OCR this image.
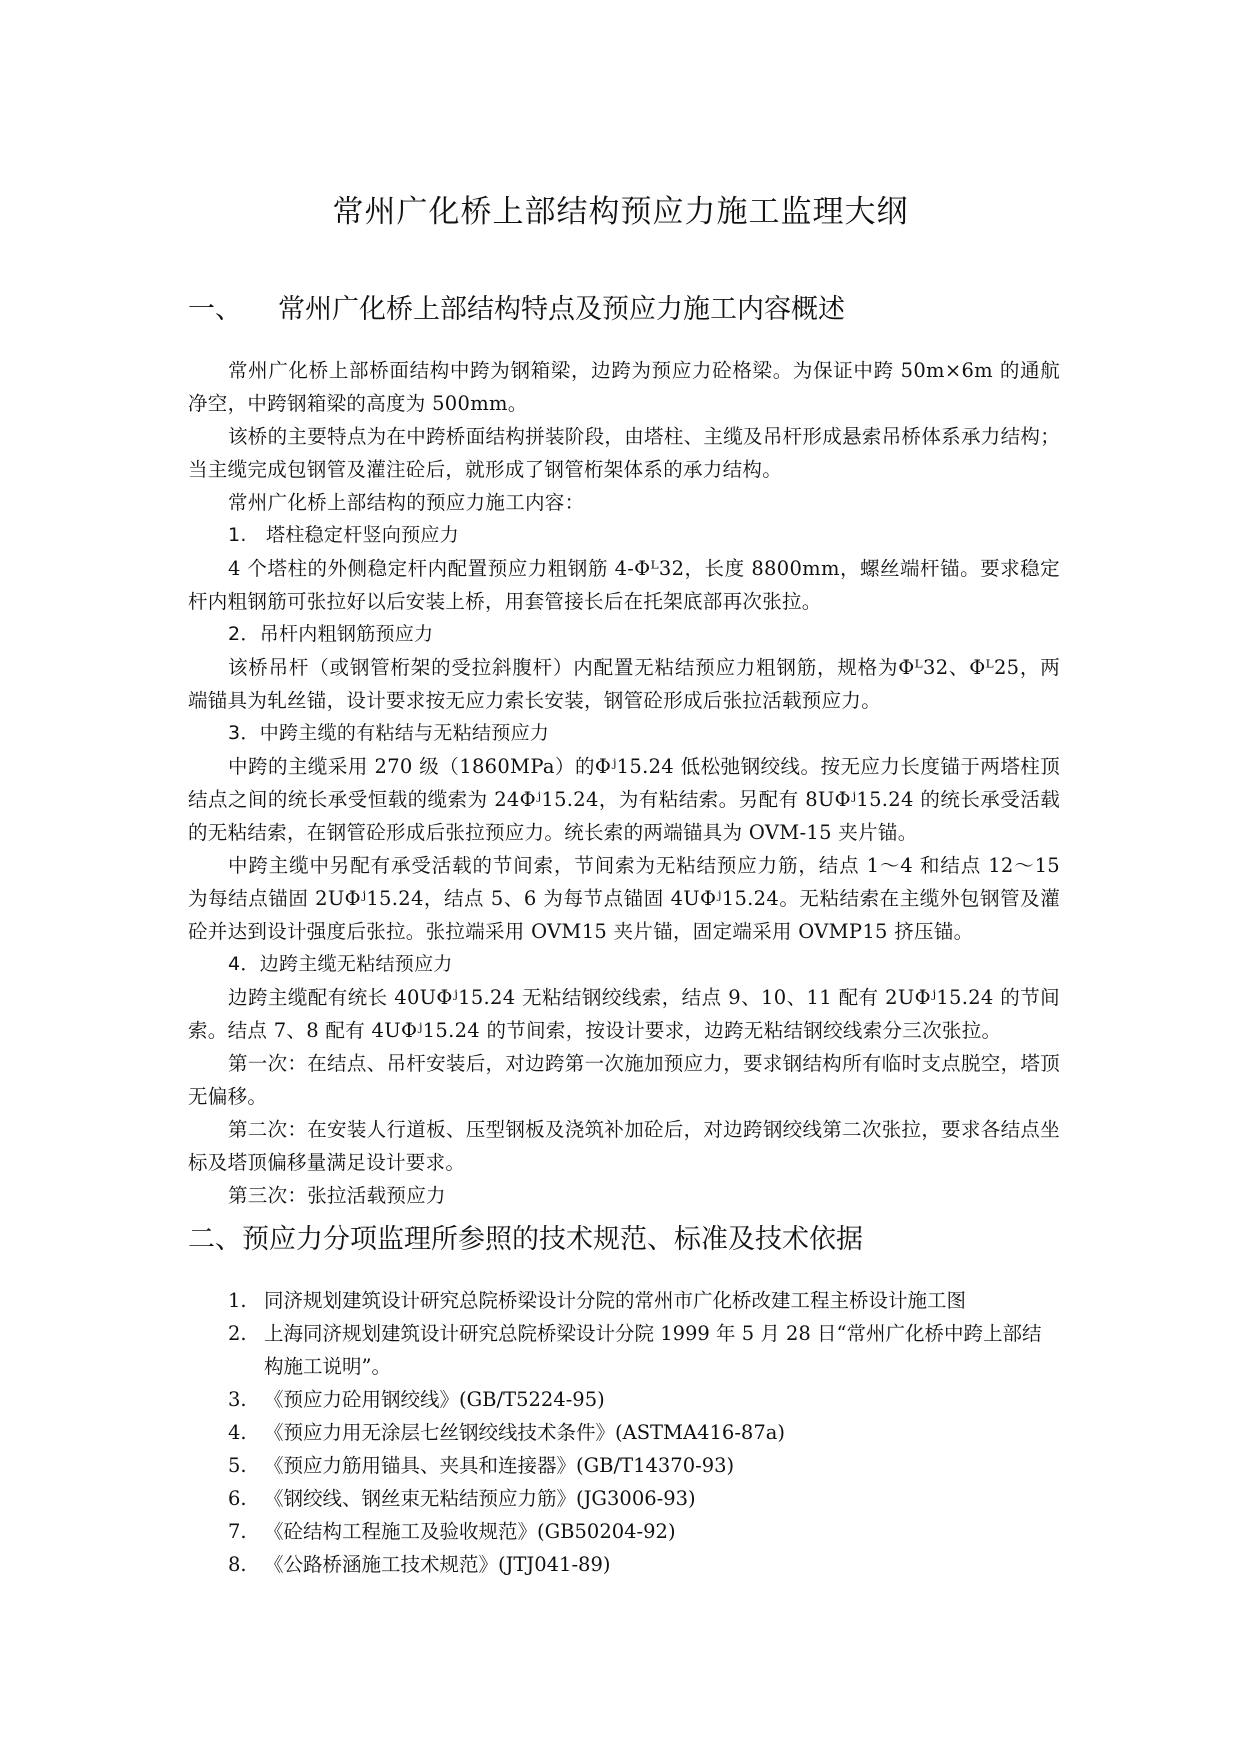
常州广化桥上部结构预应力施工监理大纲
一、 常州广化桥上部结构特点及预应力施工内容概述

常州广化桥上部桥面结构中跨为钢箱梁，边跨为预应力砼格梁。为保证中跨 50m×6m 的通航净空，中跨钢箱梁的高度为 500mm。

该桥的主要特点为在中跨桥面结构拼装阶段，由塔柱、主缆及吊杆形成悬索吊桥体系承力结构；当主缆完成包钢管及灌注砼后，就形成了钢管桁架体系的承力结构。

常州广化桥上部结构的预应力施工内容：

1.　塔柱稳定杆竖向预应力

4 个塔柱的外侧稳定杆内配置预应力粗钢筋 4-Φᴸ32，长度 8800mm，螺丝端杆锚。要求稳定杆内粗钢筋可张拉好以后安装上桥，用套管接长后在托架底部再次张拉。

2．吊杆内粗钢筋预应力

该桥吊杆（或钢管桁架的受拉斜腹杆）内配置无粘结预应力粗钢筋，规格为Φᴸ32、Φᴸ25，两端锚具为轧丝锚，设计要求按无应力索长安装，钢管砼形成后张拉活载预应力。

3．中跨主缆的有粘结与无粘结预应力

中跨的主缆采用 270 级（1860MPa）的Φʲ15.24 低松弛钢绞线。按无应力长度锚于两塔柱顶结点之间的统长承受恒载的缆索为 24Φʲ15.24，为有粘结索。另配有 8UΦʲ15.24 的统长承受活载的无粘结索，在钢管砼形成后张拉预应力。统长索的两端锚具为 OVM-15 夹片锚。

中跨主缆中另配有承受活载的节间索，节间索为无粘结预应力筋，结点 1～4 和结点 12～15 为每结点锚固 2UΦʲ15.24，结点 5、6 为每节点锚固 4UΦʲ15.24。无粘结索在主缆外包钢管及灌砼并达到设计强度后张拉。张拉端采用 OVM15 夹片锚，固定端采用 OVMP15 挤压锚。

4．边跨主缆无粘结预应力

边跨主缆配有统长 40UΦʲ15.24 无粘结钢绞线索，结点 9、10、11 配有 2UΦʲ15.24 的节间索。结点 7、8 配有 4UΦʲ15.24 的节间索，按设计要求，边跨无粘结钢绞线索分三次张拉。

第一次：在结点、吊杆安装后，对边跨第一次施加预应力，要求钢结构所有临时支点脱空，塔顶无偏移。

第二次：在安装人行道板、压型钢板及浇筑补加砼后，对边跨钢绞线第二次张拉，要求各结点坐标及塔顶偏移量满足设计要求。

第三次：张拉活载预应力

二、预应力分项监理所参照的技术规范、标准及技术依据
1. 同济规划建筑设计研究总院桥梁设计分院的常州市广化桥改建工程主桥设计施工图
2. 上海同济规划建筑设计研究总院桥梁设计分院 1999 年 5 月 28 日“常州广化桥中跨上部结构施工说明”。
3. 《预应力砼用钢绞线》(GB/T5224-95)
4. 《预应力用无涂层七丝钢绞线技术条件》(ASTMA416-87a)
5. 《预应力筋用锚具、夹具和连接器》(GB/T14370-93)
6. 《钢绞线、钢丝束无粘结预应力筋》(JG3006-93)
7. 《砼结构工程施工及验收规范》(GB50204-92)
8. 《公路桥涵施工技术规范》(JTJ041-89)
